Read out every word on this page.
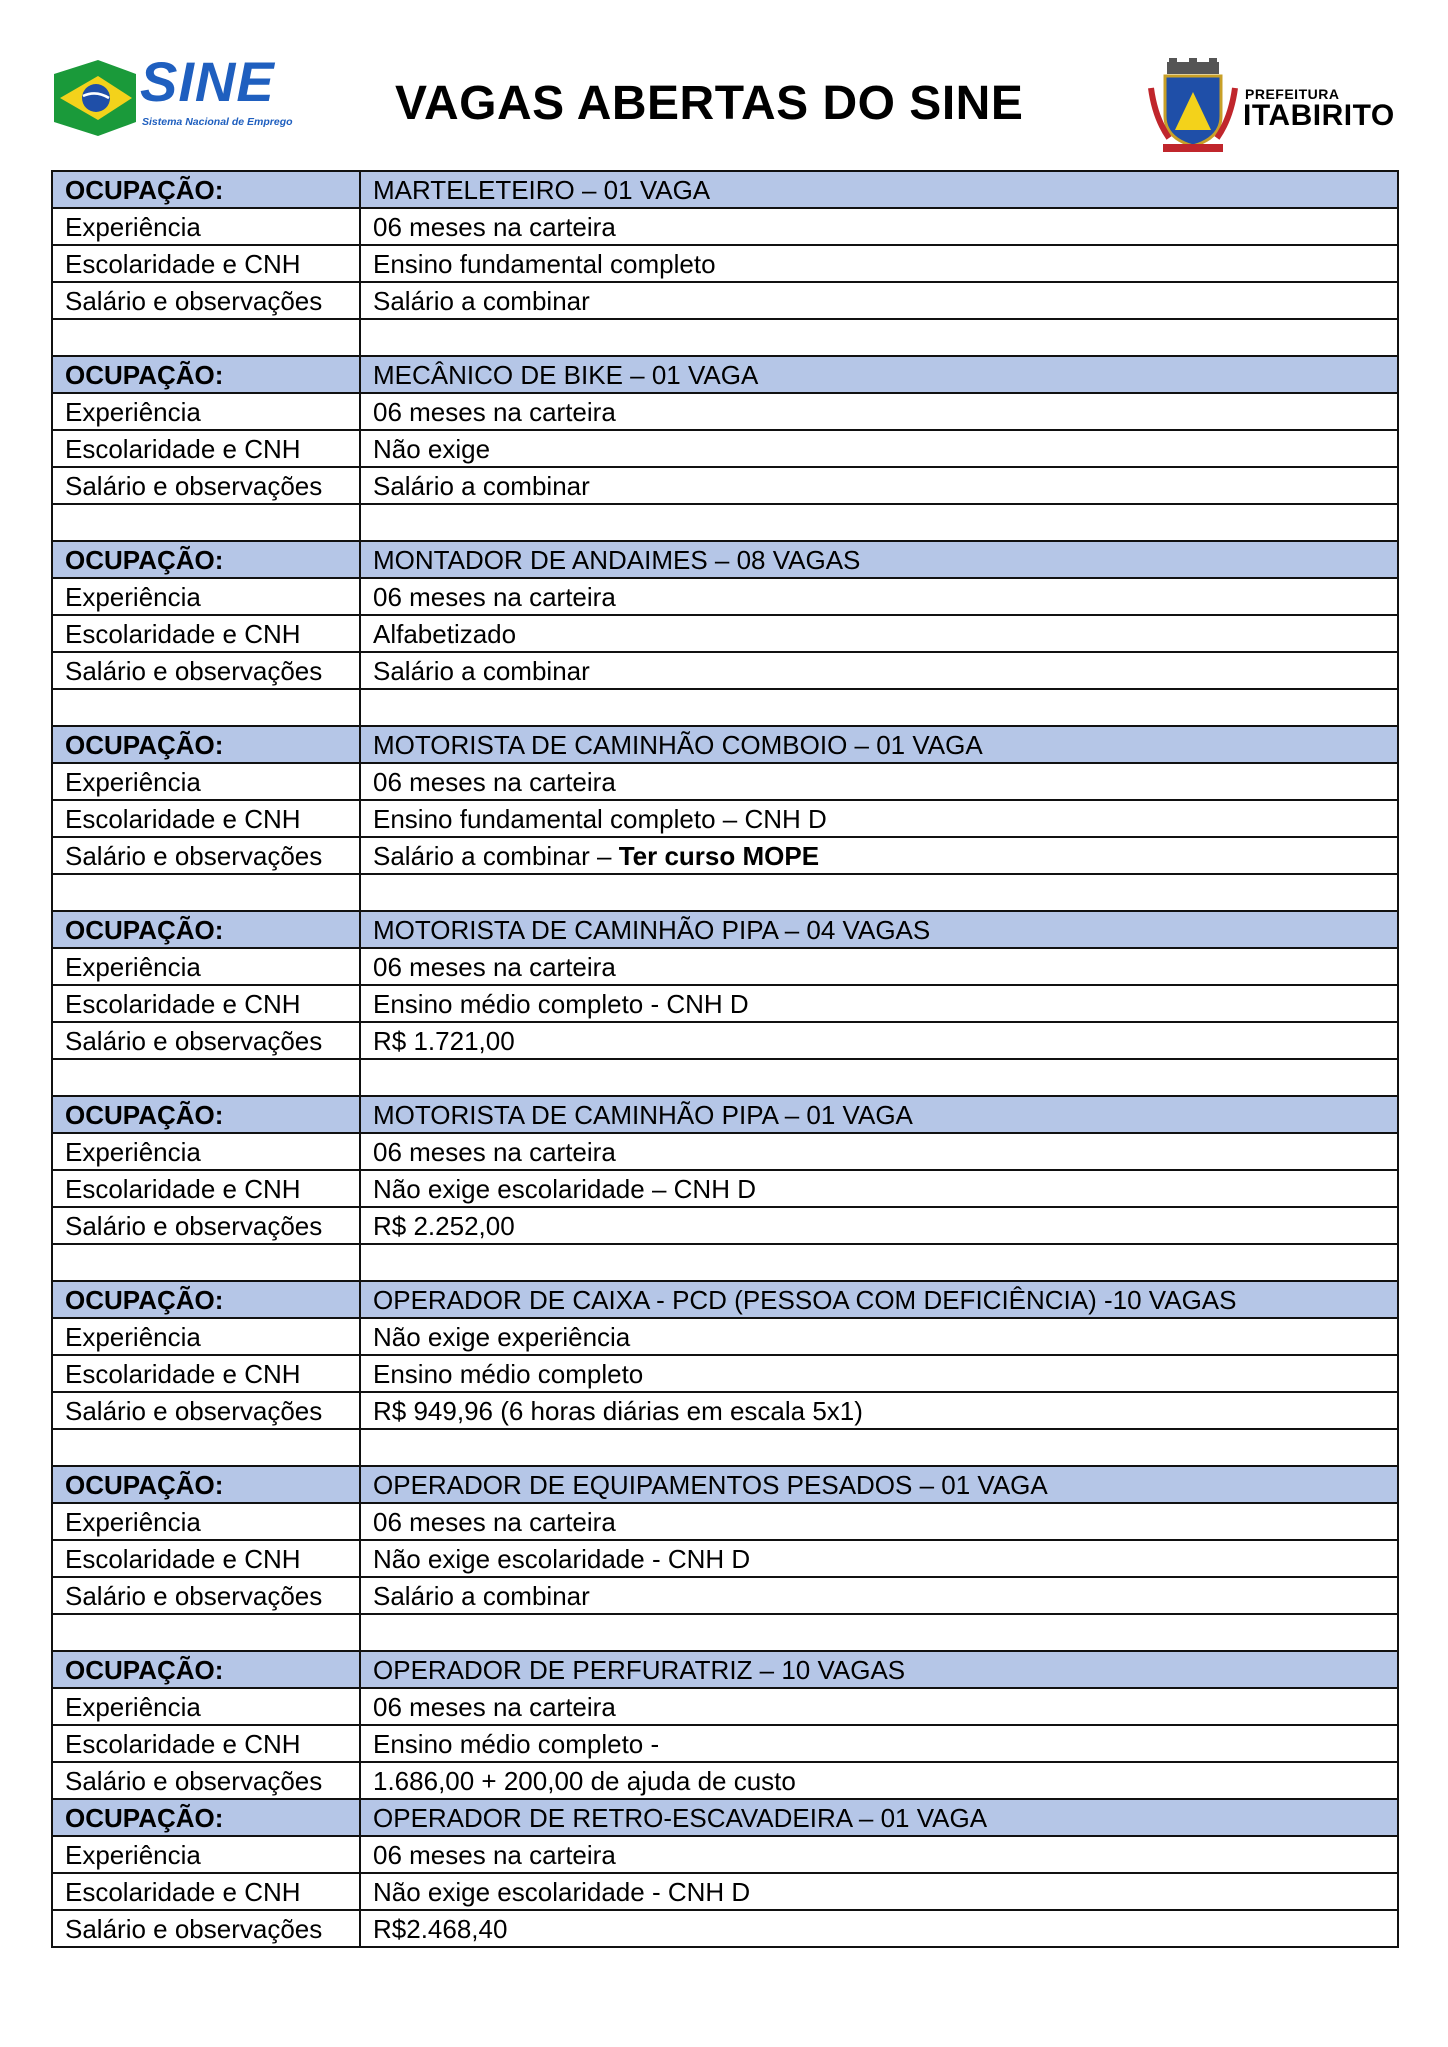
SINE
Sistema Nacional de Emprego VAGAS ABERTAS DO SINE	PREFEITURA
ITABIRITO
OCUPAÇÃO:	MARTELETEIRO – 01 VAGA
Experiência	06 meses na carteira
Escolaridade e CNH	Ensino fundamental completo
Salário e observações	Salário a combinar

OCUPAÇÃO:	MECÂNICO DE BIKE – 01 VAGA
Experiência	06 meses na carteira
Escolaridade e CNH	Não exige
Salário e observações	Salário a combinar

OCUPAÇÃO:	MONTADOR DE ANDAIMES – 08 VAGAS
Experiência	06 meses na carteira
Escolaridade e CNH	Alfabetizado
Salário e observações	Salário a combinar

OCUPAÇÃO:	MOTORISTA DE CAMINHÃO COMBOIO – 01 VAGA
Experiência	06 meses na carteira
Escolaridade e CNH	Ensino fundamental completo – CNH D
Salário e observações	Salário a combinar – Ter curso MOPE

OCUPAÇÃO:	MOTORISTA DE CAMINHÃO PIPA – 04 VAGAS
Experiência	06 meses na carteira
Escolaridade e CNH	Ensino médio completo - CNH D
Salário e observações	R$ 1.721,00

OCUPAÇÃO:	MOTORISTA DE CAMINHÃO PIPA – 01 VAGA
Experiência	06 meses na carteira
Escolaridade e CNH	Não exige escolaridade – CNH D
Salário e observações	R$ 2.252,00

OCUPAÇÃO:	OPERADOR DE CAIXA - PCD (PESSOA COM DEFICIÊNCIA) -10 VAGAS
Experiência	Não exige experiência
Escolaridade e CNH	Ensino médio completo
Salário e observações	R$ 949,96 (6 horas diárias em escala 5x1)

OCUPAÇÃO:	OPERADOR DE EQUIPAMENTOS PESADOS – 01 VAGA
Experiência	06 meses na carteira
Escolaridade e CNH	Não exige escolaridade - CNH D
Salário e observações	Salário a combinar

OCUPAÇÃO:	OPERADOR DE PERFURATRIZ – 10 VAGAS
Experiência	06 meses na carteira
Escolaridade e CNH	Ensino médio completo -
Salário e observações	1.686,00 + 200,00 de ajuda de custo
OCUPAÇÃO:	OPERADOR DE RETRO-ESCAVADEIRA – 01 VAGA
Experiência	06 meses na carteira
Escolaridade e CNH	Não exige escolaridade - CNH D
Salário e observações	R$2.468,40
